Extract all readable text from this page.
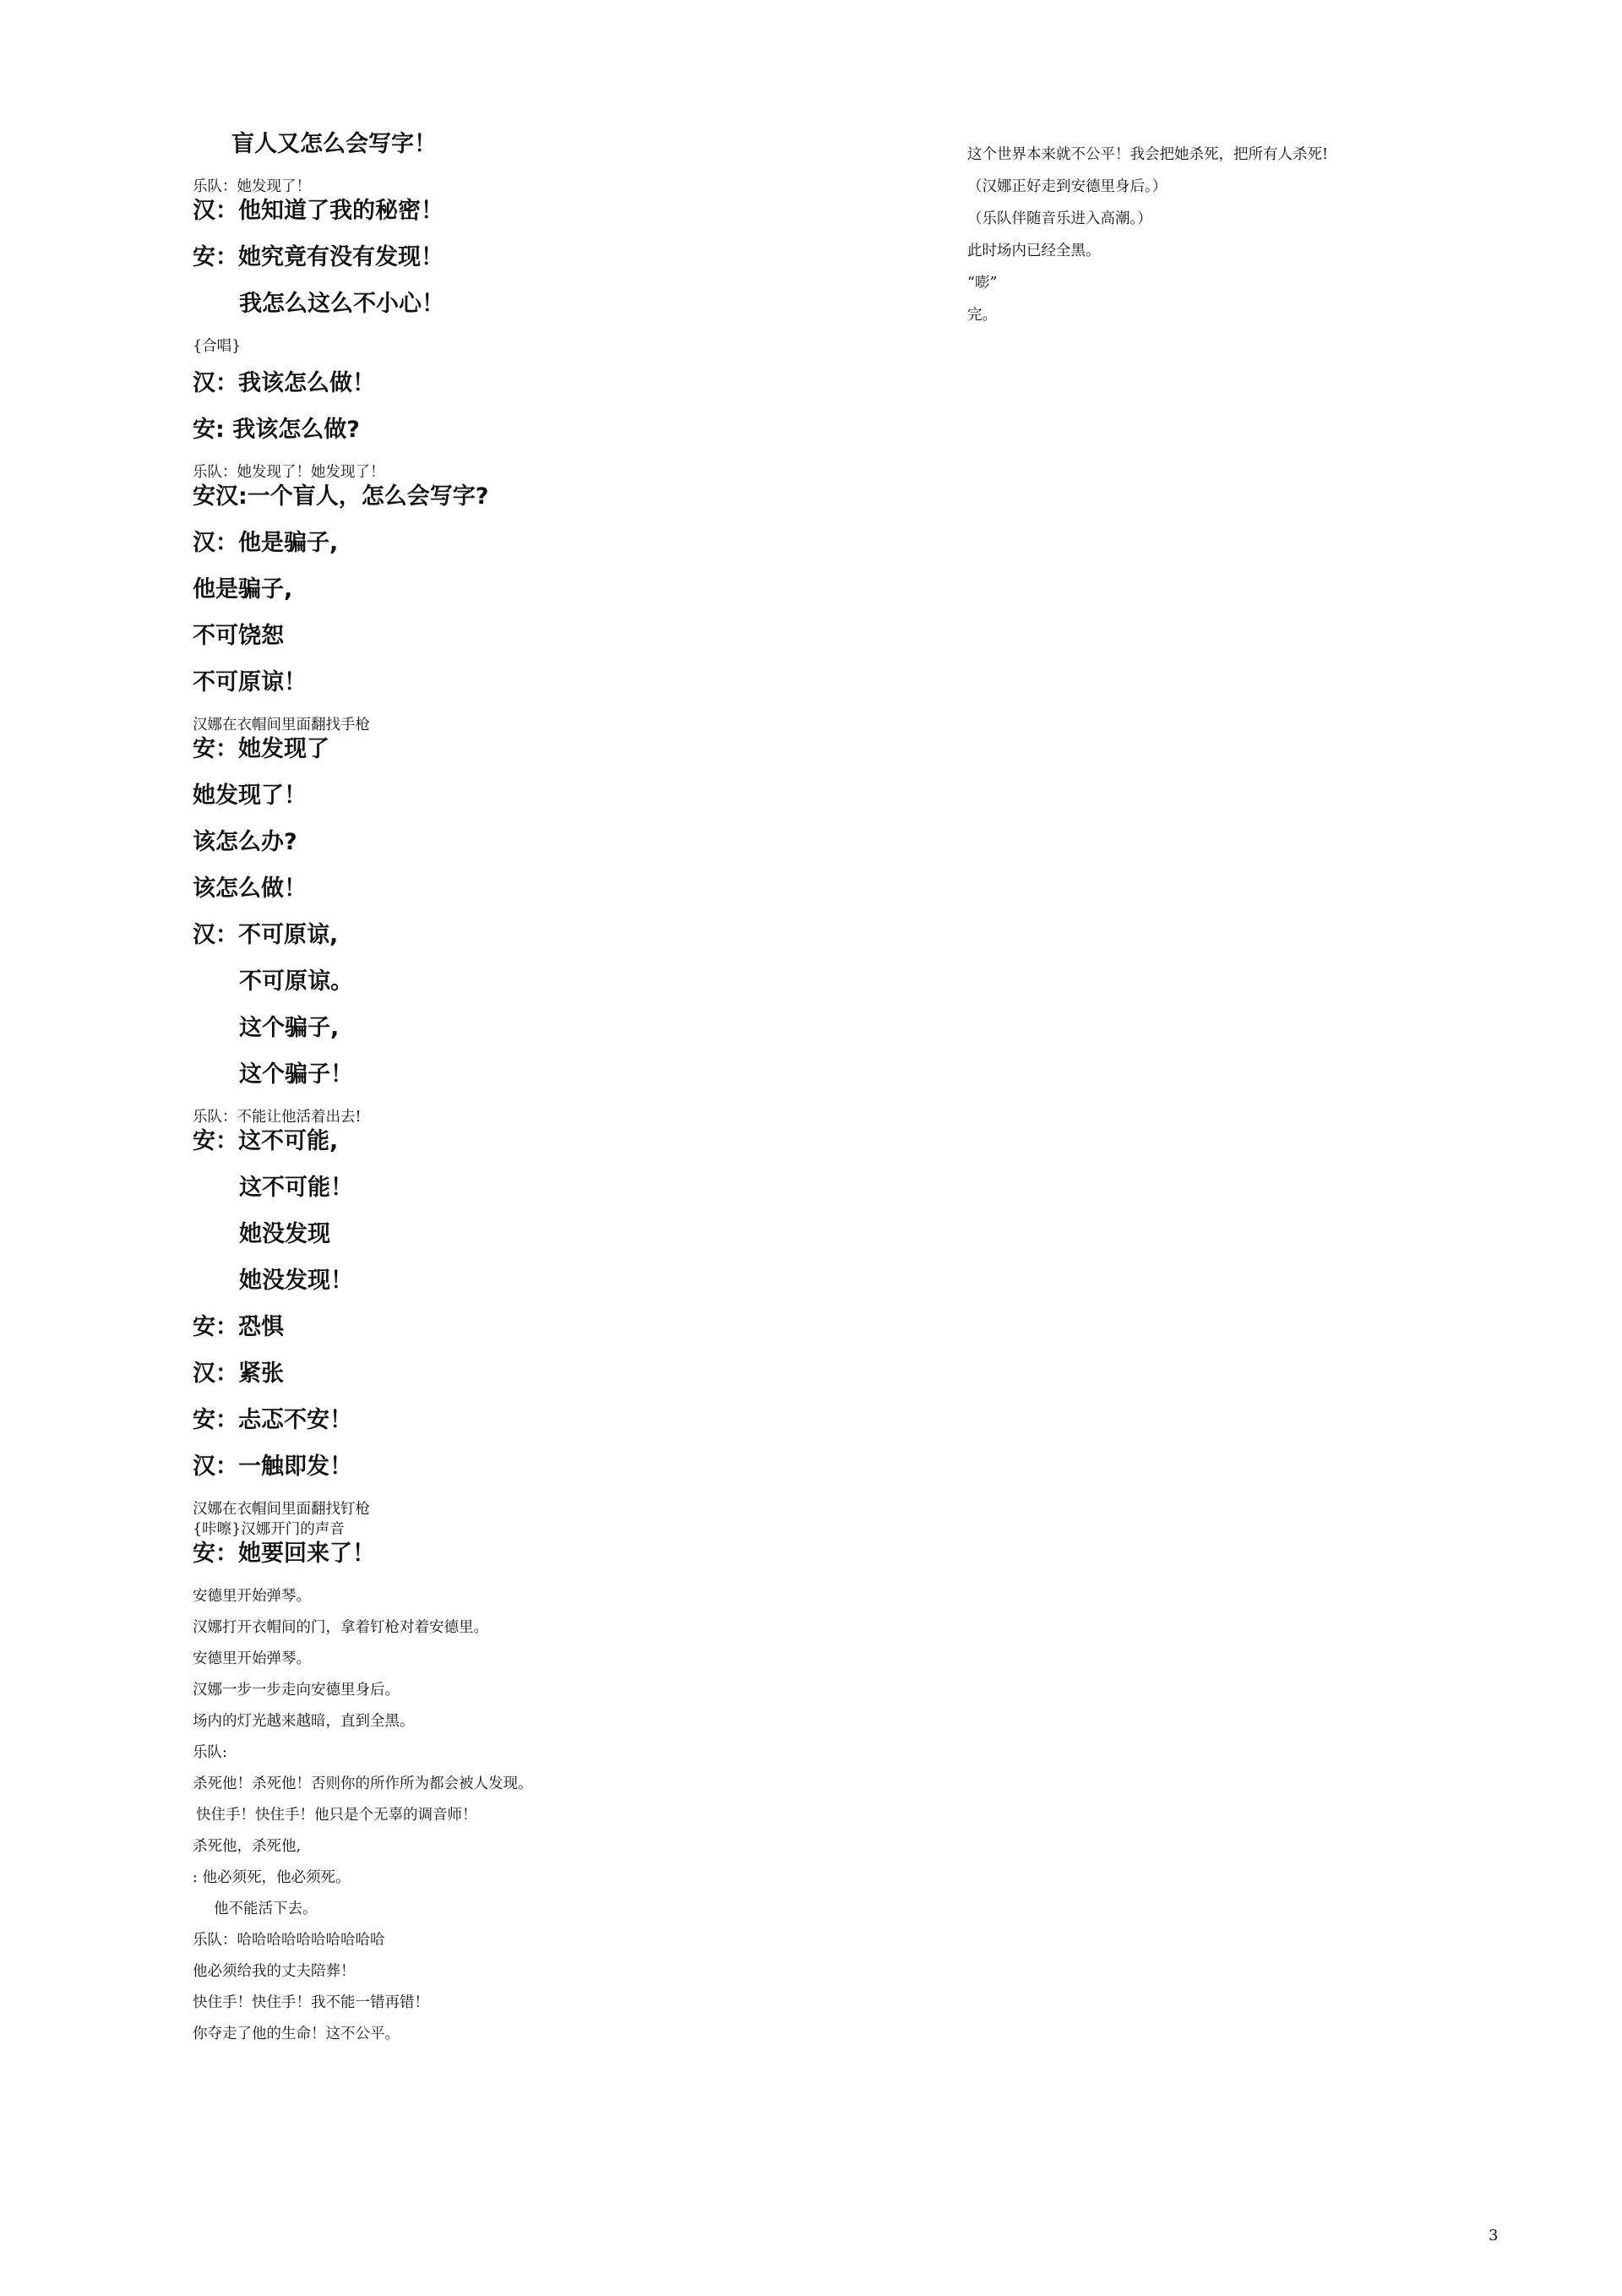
盲人又怎么会写字！
乐队：她发现了！
汉：他知道了我的秘密！
安：她究竟有没有发现！
我怎么这么不小心！
{合唱}
汉：我该怎么做！
安: 我该怎么做?
乐队：她发现了！她发现了！
安汉:一个盲人，怎么会写字?
汉：他是骗子,
他是骗子,
不可饶恕
不可原谅！
汉娜在衣帽间里面翻找手枪
安：她发现了
她发现了！
该怎么办?
该怎么做！
汉：不可原谅,
不可原谅。
这个骗子,
这个骗子！
乐队：不能让他活着出去!
安：这不可能,
这不可能！
她没发现
她没发现！
安：恐惧
汉：紧张
安：忐忑不安！
汉：一触即发！
汉娜在衣帽间里面翻找钉枪
{咔嚓}汉娜开门的声音
安：她要回来了！
安德里开始弹琴。
汉娜打开衣帽间的门，拿着钉枪对着安德里。
安德里开始弹琴。
汉娜一步一步走向安德里身后。
场内的灯光越来越暗，直到全黑。
乐队:
杀死他！杀死他！否则你的所作所为都会被人发现。
快住手！快住手！他只是个无辜的调音师！
杀死他，杀死他,
: 他必须死，他必须死。
他不能活下去。
乐队：哈哈哈哈哈哈哈哈哈哈
他必须给我的丈夫陪葬！
快住手！快住手！我不能一错再错！
你夺走了他的生命！这不公平。
这个世界本来就不公平！我会把她杀死，把所有人杀死!
（汉娜正好走到安德里身后。）
（乐队伴随音乐进入高潮。）
此时场内已经全黑。
“嘭”
完。
3
